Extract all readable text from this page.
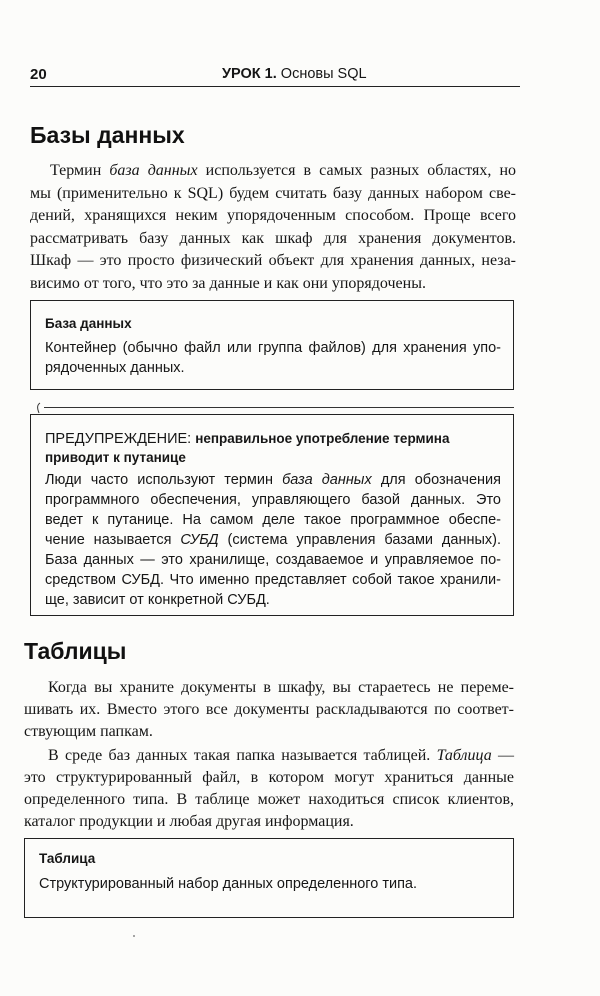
20	УРОК 1. Основы SQL
Базы данных
Термин база данных используется в самых разных областях, но
мы (применительно к SQL) будем считать базу данных набором све-
дений, хранящихся неким упорядоченным способом. Проще всего
рассматривать базу данных как шкаф для хранения документов.
Шкаф — это просто физический объект для хранения данных, неза-
висимо от того, что это за данные и как они упорядочены.
База данных
Контейнер (обычно файл или группа файлов) для хранения упо-
рядоченных данных.
ПРЕДУПРЕЖДЕНИЕ: неправильное употребление термина
приводит к путанице
Люди часто используют термин база данных для обозначения
программного обеспечения, управляющего базой данных. Это
ведет к путанице. На самом деле такое программное обеспе-
чение называется СУБД (система управления базами данных).
База данных — это хранилище, создаваемое и управляемое по-
средством СУБД. Что именно представляет собой такое хранили-
ще, зависит от конкретной СУБД.
Таблицы
Когда вы храните документы в шкафу, вы стараетесь не переме-
шивать их. Вместо этого все документы раскладываются по соответ-
ствующим папкам.
В среде баз данных такая папка называется таблицей. Таблица —
это структурированный файл, в котором могут храниться данные
определенного типа. В таблице может находиться список клиентов,
каталог продукции и любая другая информация.
Таблица
Структурированный набор данных определенного типа.
